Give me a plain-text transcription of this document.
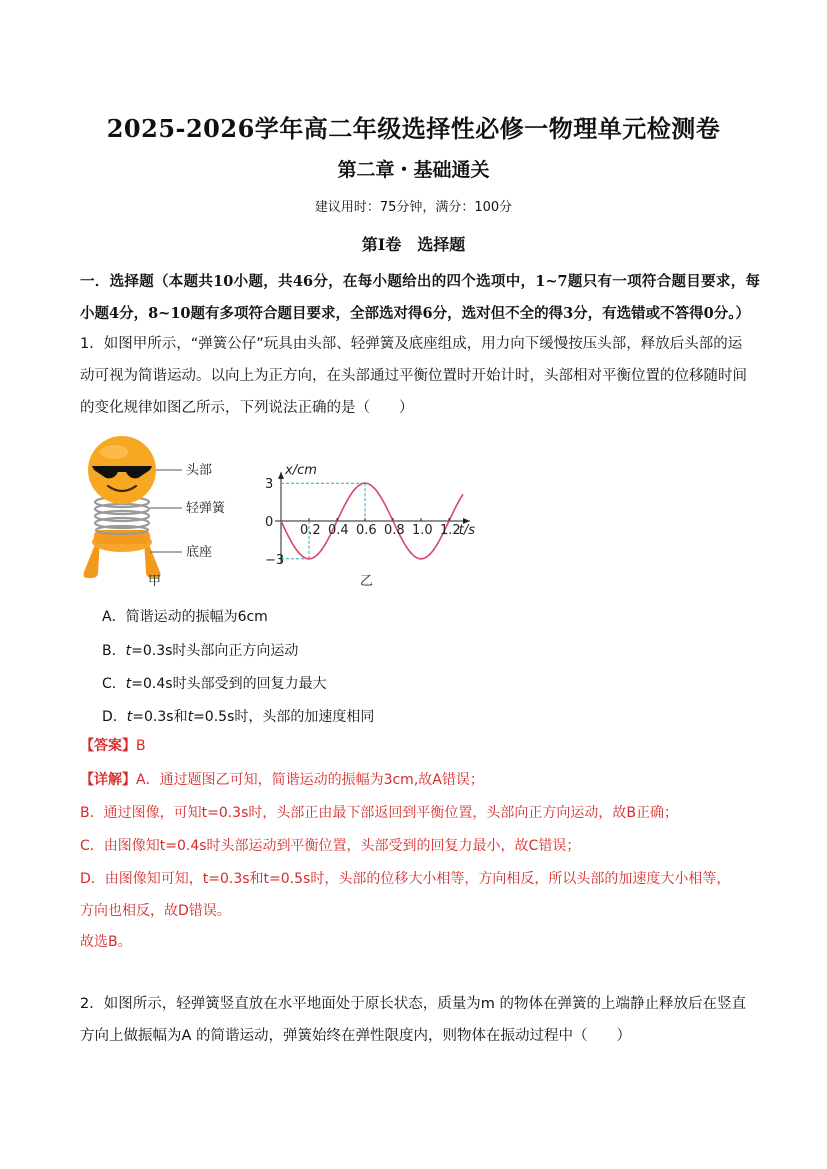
2025-2026学年高二年级选择性必修一物理单元检测卷
第二章・基础通关
建议用时：75分钟，满分：100分
第Ⅰ卷　选择题
一．选择题（本题共10小题，共46分，在每小题给出的四个选项中，1~7题只有一项符合题目要求，每小题4分，8~10题有多项符合题目要求，全部选对得6分，选对但不全的得3分，有选错或不答得0分。）
1．如图甲所示，“弹簧公仔”玩具由头部、轻弹簧及底座组成，用力向下缓慢按压头部，释放后头部的运动可视为简谐运动。以向上为正方向，在头部通过平衡位置时开始计时，头部相对平衡位置的位移随时间的变化规律如图乙所示，下列说法正确的是（　　）
头部
轻弹簧
底座
甲
0.2 0.4 0.6 0.8 1.0 1.2
3
0
−3
x/cm
t/s
乙
A．简谐运动的振幅为6cm
B．t=0.3s时头部向正方向运动
C．t=0.4s时头部受到的回复力最大
D．t=0.3s和t=0.5s时，头部的加速度相同
【答案】B
【详解】A．通过题图乙可知，简谐运动的振幅为3cm,故A错误；
B．通过图像，可知t=0.3s时，头部正由最下部返回到平衡位置，头部向正方向运动，故B正确；
C．由图像知t=0.4s时头部运动到平衡位置，头部受到的回复力最小，故C错误；
D．由图像知可知，t=0.3s和t=0.5s时，头部的位移大小相等，方向相反，所以头部的加速度大小相等，
方向也相反，故D错误。
故选B。
2．如图所示，轻弹簧竖直放在水平地面处于原长状态，质量为m 的物体在弹簧的上端静止释放后在竖直方向上做振幅为A 的简谐运动，弹簧始终在弹性限度内，则物体在振动过程中（　　）
